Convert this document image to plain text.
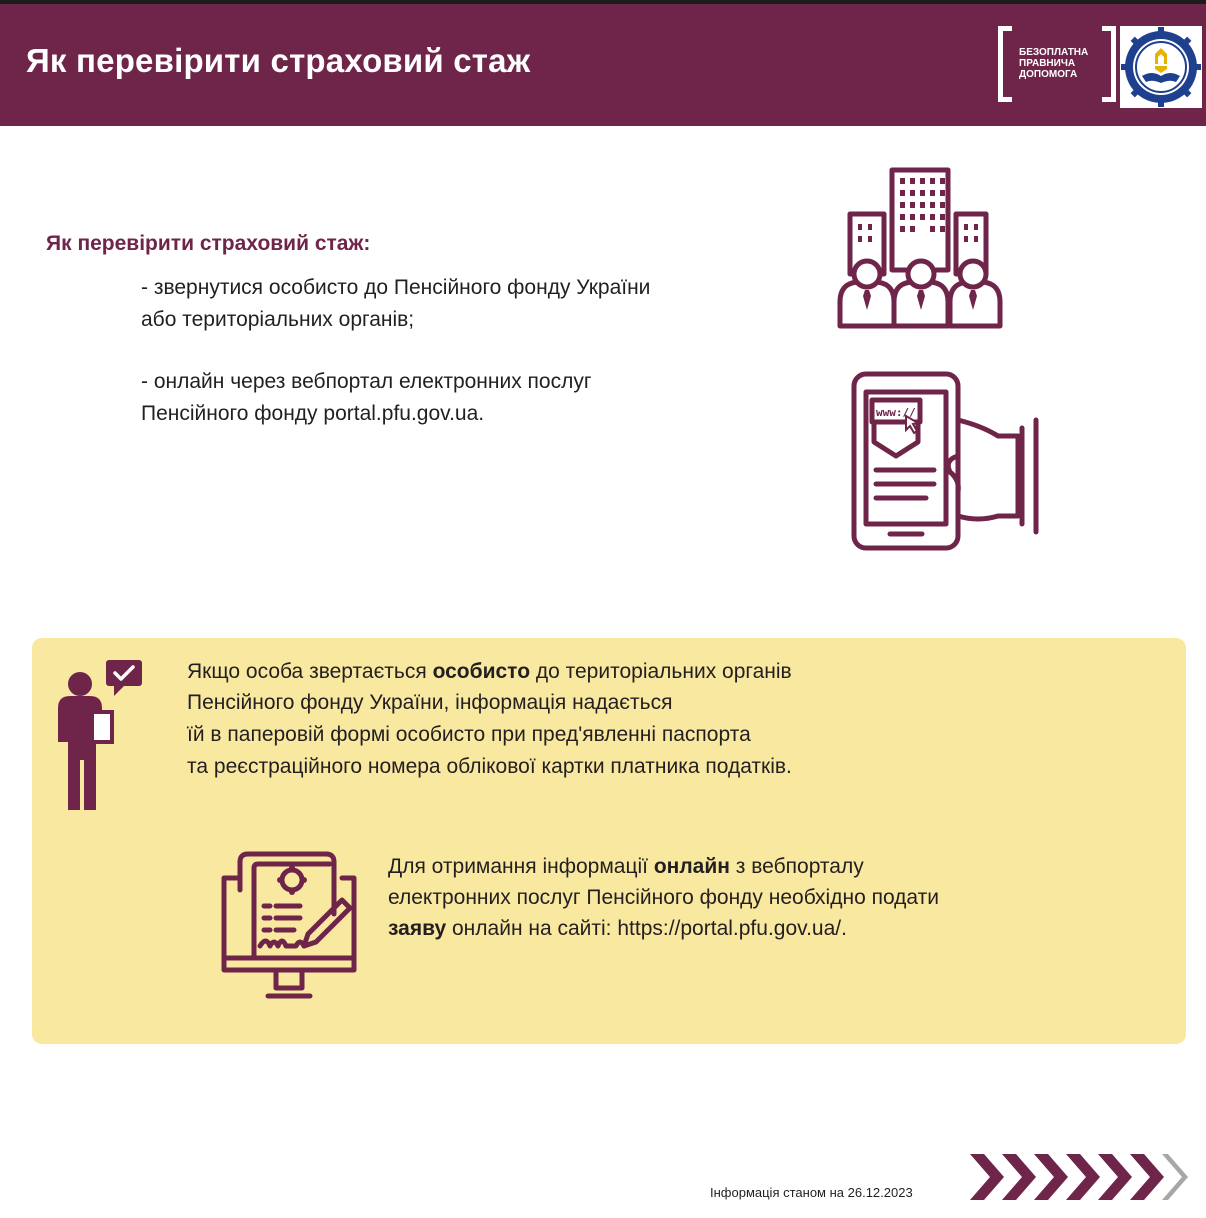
Як перевірити страховий стаж	БЕЗОПЛАТНА
ПРАВНИЧА
ДОПОМОГА
Як перевірити страховий стаж:
- звернутися особисто до Пенсійного фонду України
або територіальних органів;
- онлайн через вебпортал електронних послуг
Пенсійного фонду portal.pfu.gov.ua.	www://
Якщо особа звертається особисто до територіальних органів
Пенсійного фонду України, інформація надається
їй в паперовій формі особисто при пред'явленні паспорта
та реєстраційного номера облікової картки платника податків.
Для отримання інформації онлайн з вебпорталу
електронних послуг Пенсійного фонду необхідно подати
заяву онлайн на сайті: https://portal.pfu.gov.ua/.
Інформація станом на 26.12.2023
